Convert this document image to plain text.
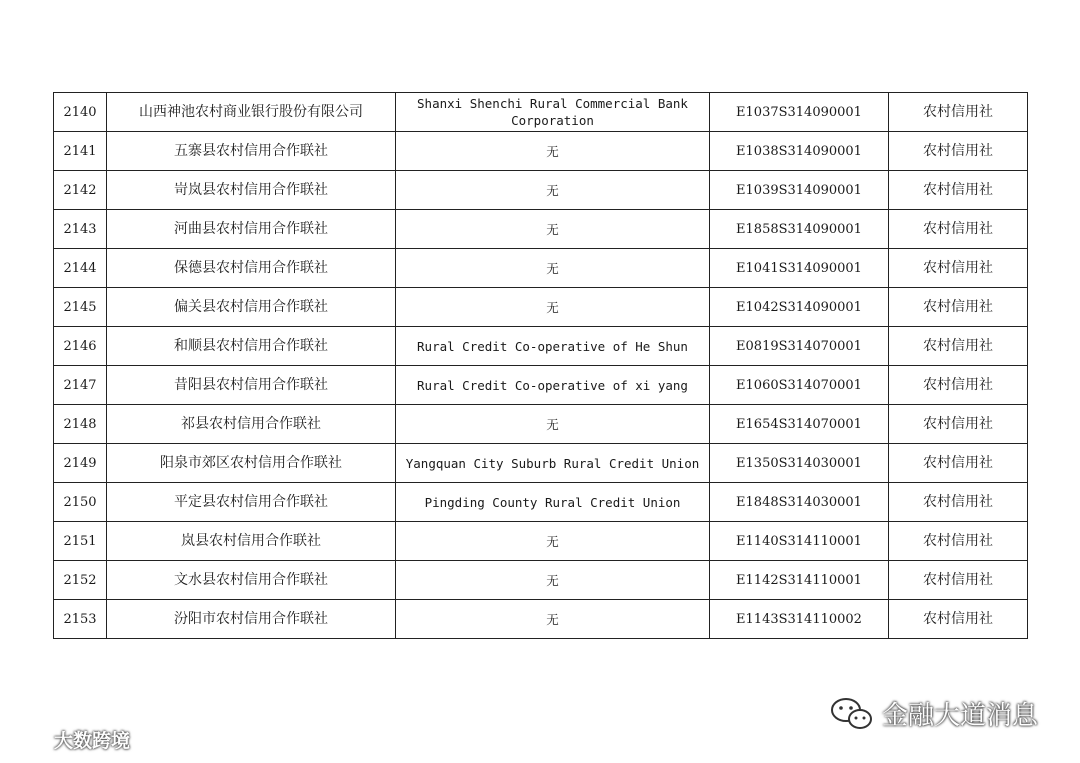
2140	山西神池农村商业银行股份有限公司	Shanxi Shenchi Rural Commercial Bank Corporation	E1037S314090001	农村信用社
2141	五寨县农村信用合作联社	无	E1038S314090001	农村信用社
2142	岢岚县农村信用合作联社	无	E1039S314090001	农村信用社
2143	河曲县农村信用合作联社	无	E1858S314090001	农村信用社
2144	保德县农村信用合作联社	无	E1041S314090001	农村信用社
2145	偏关县农村信用合作联社	无	E1042S314090001	农村信用社
2146	和顺县农村信用合作联社	Rural Credit Co-operative of He Shun	E0819S314070001	农村信用社
2147	昔阳县农村信用合作联社	Rural Credit Co-operative of xi yang	E1060S314070001	农村信用社
2148	祁县农村信用合作联社	无	E1654S314070001	农村信用社
2149	阳泉市郊区农村信用合作联社	Yangquan City Suburb Rural Credit Union	E1350S314030001	农村信用社
2150	平定县农村信用合作联社	Pingding County Rural Credit Union	E1848S314030001	农村信用社
2151	岚县农村信用合作联社	无	E1140S314110001	农村信用社
2152	文水县农村信用合作联社	无	E1142S314110001	农村信用社
2153	汾阳市农村信用合作联社	无	E1143S314110002	农村信用社
大数跨境
金融大道消息
